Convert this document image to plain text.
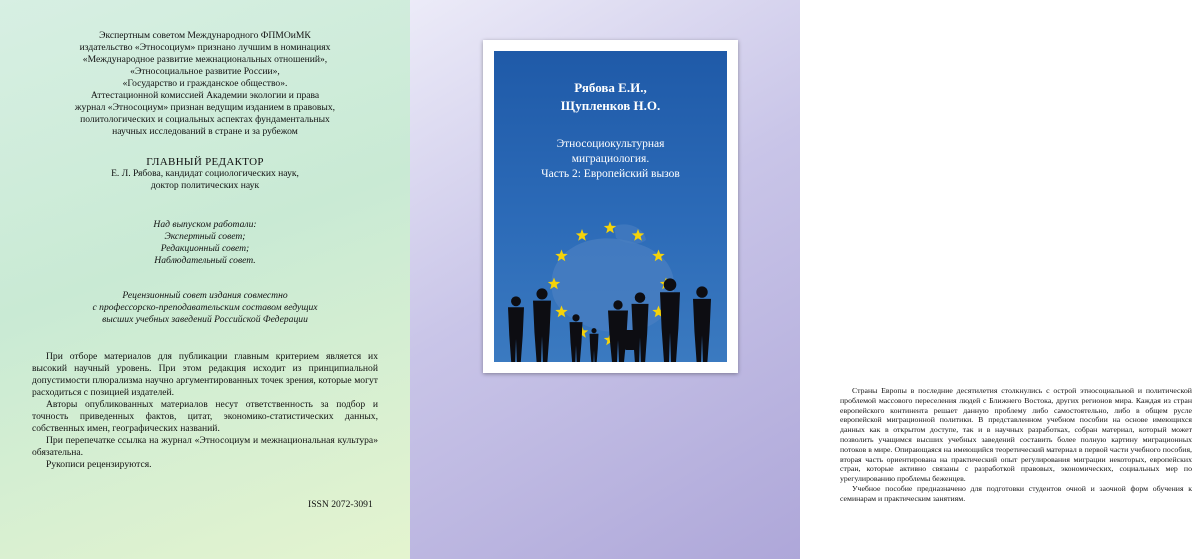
Экспертным советом Международного ФПМОиМК
издательство «Этносоциум» признано лучшим в номинациях
«Международное развитие межнациональных отношений»,
«Этносоциальное развитие России»,
«Государство и гражданское общество».
Аттестационной комиссией Академии экологии и права
журнал «Этносоциум» признан ведущим изданием в правовых,
политологических и социальных аспектах фундаментальных
научных исследований в стране и за рубежом
ГЛАВНЫЙ РЕДАКТОР
Е. Л. Рябова, кандидат социологических наук,
доктор политических наук
Над выпуском работали:
Экспертный совет;
Редакционный совет;
Наблюдательный совет.
Рецензионный совет издания совместно
с профессорско-преподавательским составом ведущих
высших учебных заведений Российской Федерации

При отборе материалов для публикации главным критерием является их высокий научный уровень. При этом редакция исходит из принципиальной допустимости плюрализма научно аргументированных точек зрения, которые могут расходиться с позицией издателей.

Авторы опубликованных материалов несут ответственность за подбор и точность приведенных фактов, цитат, экономико-статистических данных, собственных имен, географических названий.

При перепечатке ссылка на журнал «Этносоциум и межнациональная культура» обязательна.

Рукописи рецензируются.

ISSN 2072-3091
Рябова Е.И.,
Щупленков Н.О.
Этносоциокультурная
миграциология.
Часть 2: Европейский вызов

Страны Европы в последние десятилетия столкнулись с острой этносоциальной и политической проблемой массового переселения людей с Ближнего Востока, других регионов мира. Каждая из стран европейского континента решает данную проблему либо самостоятельно, либо в общем русле европейской миграционной политики. В представленном учебном пособии на основе имеющихся данных как в открытом доступе, так и в научных разработках, собран материал, который может позволить учащимся высших учебных заведений составить более полную картину миграционных потоков в мире. Опирающаяся на имеющийся теоретический материал в первой части учебного пособия, вторая часть ориентирована на практический опыт регулирования миграции некоторых, европейских стран, которые активно связаны с разработкой правовых, экономических, социальных мер по урегулированию проблемы беженцев.

Учебное пособие предназначено для подготовки студентов очной и заочной форм обучения к семинарам и практическим занятиям.
